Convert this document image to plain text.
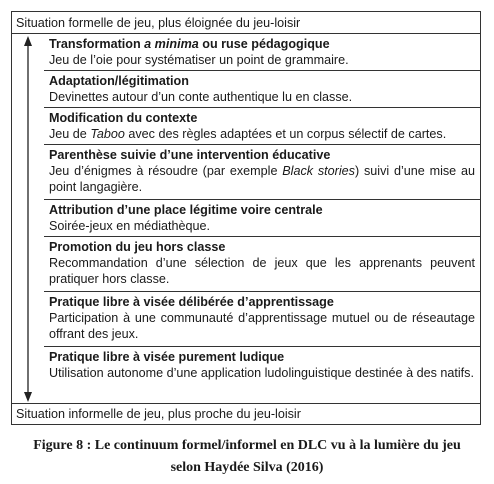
Situation formelle de jeu, plus éloignée du jeu-loisir
Transformation a minima ou ruse pédagogique
Jeu de l’oie pour systématiser un point de grammaire.
Adaptation/légitimation
Devinettes autour d’un conte authentique lu en classe.
Modification du contexte
Jeu de Taboo avec des règles adaptées et un corpus sélectif de cartes.
Parenthèse suivie d’une intervention éducative
Jeu d’énigmes à résoudre (par exemple Black stories) suivi d’une mise au point langagière.
Attribution d’une place légitime voire centrale
Soirée-jeux en médiathèque.
Promotion du jeu hors classe
Recommandation d’une sélection de jeux que les apprenants peuvent pratiquer hors classe.
Pratique libre à visée délibérée d’apprentissage
Participation à une communauté d’apprentissage mutuel ou de réseautage offrant des jeux.
Pratique libre à visée purement ludique
Utilisation autonome d’une application ludolinguistique destinée à des natifs.
Situation informelle de jeu, plus proche du jeu-loisir
Figure 8 : Le continuum formel/informel en DLC vu à la lumière du jeu
selon Haydée Silva (2016)
